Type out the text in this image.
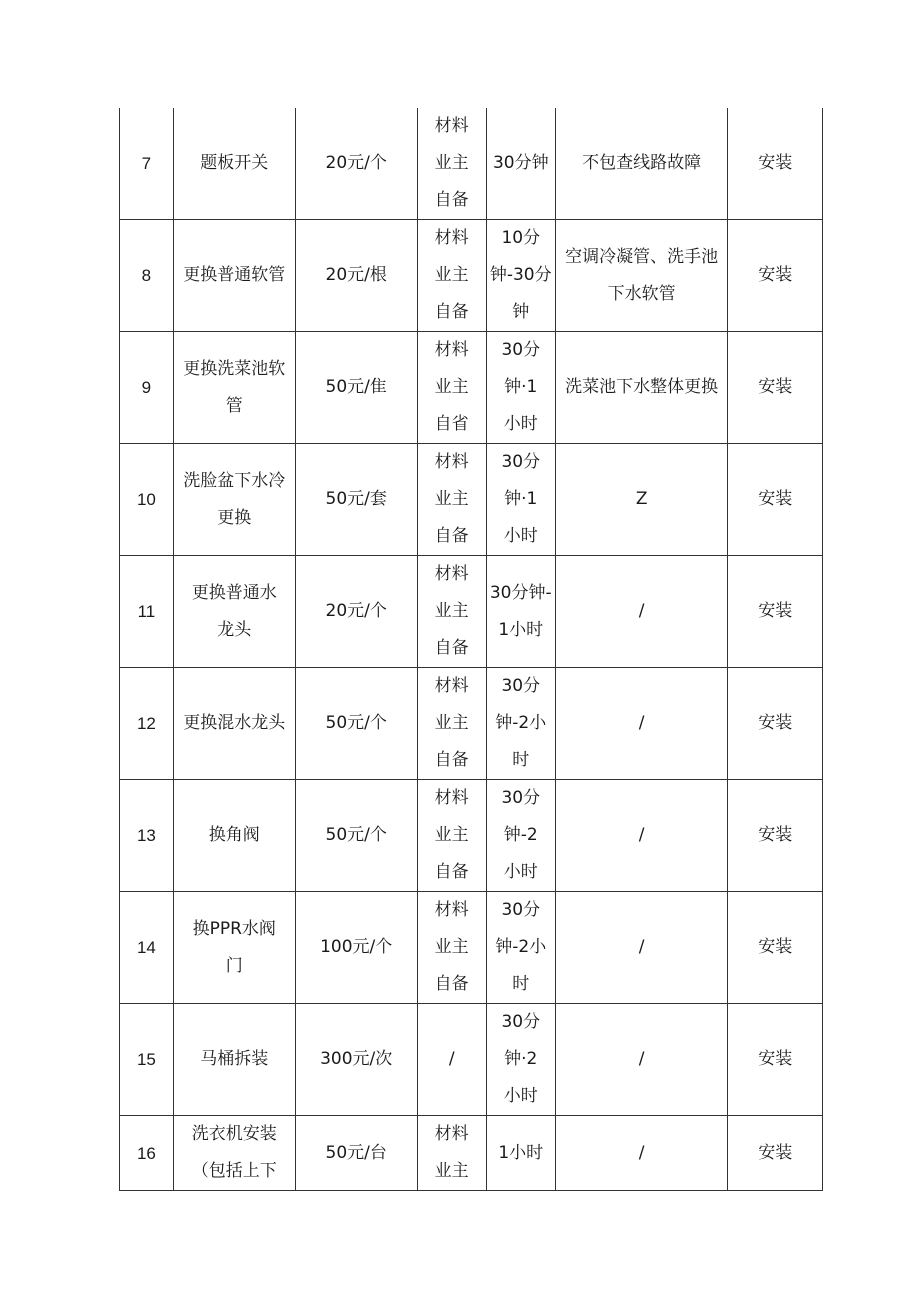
7	题板开关	20元/个	材料
业主
自备	30分钟	不包查线路故障	安装

8	更换普通软管	20元/根	材料
业主
自备	10分
钟-30分
钟	空调冷凝管、洗手池
下水软管	安装

9	更换洗菜池软
管	50元/隹	材料
业主
自省	30分
钟·1
小时	洗菜池下水整体更换	安装

10	洗脸盆下水冷
更换	50元/套	材料
业主
自备	30分
钟·1
小时	Z	安装

11	更换普通水
龙头	20元/个	材料
业主
自备	30分钟-
1小时	/	安装

12	更换混水龙头	50元/个	材料
业主
自备	30分
钟-2小
时	/	安装

13	换角阀	50元/个	材料
业主
自备	30分
钟-2
小时	/	安装

14	换PPR水阀
门	100元/个	材料
业主
自备	30分
钟-2小
时	/	安装

15	马桶拆装	300元/次	/	30分
钟·2
小时	/	安装

16	洗衣机安装
（包括上下	50元/台	材料
业主	1小时	/	安装
